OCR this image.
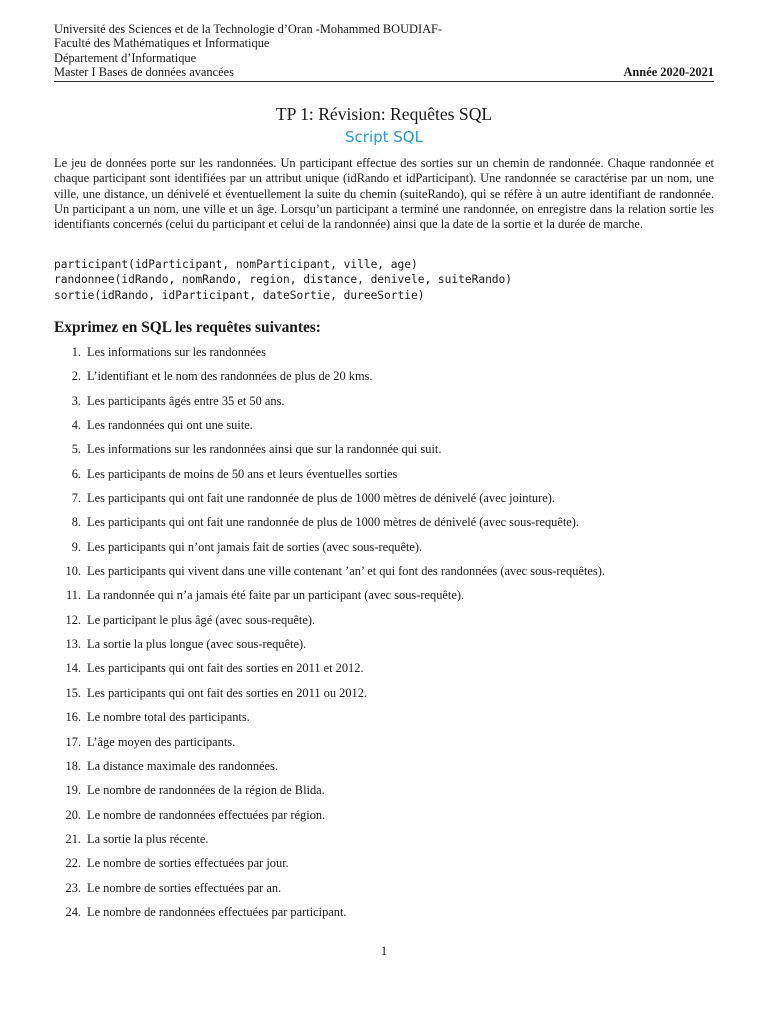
Université des Sciences et de la Technologie d’Oran -Mohammed BOUDIAF-
Faculté des Mathématiques et Informatique
Département d’Informatique
Master I Bases de données avancées	Année 2020-2021
TP 1: Révision: Requêtes SQL
Script SQL

Le jeu de données porte sur les randonnées. Un participant effectue des sorties sur un chemin de randonnée. Chaque randonnée et chaque participant sont identifiées par un attribut unique (idRando et idParticipant). Une randonnée se caractérise par un nom, une ville, une distance, un dénivelé et éventuellement la suite du chemin (suiteRando), qui se réfère à un autre identifiant de randonnée. Un participant a un nom, une ville et un âge. Lorsqu’un participant a terminé une randonnée, on enregistre dans la relation sortie les identifiants concernés (celui du participant et celui de la randonnée) ainsi que la date de la sortie et la durée de marche.

participant(idParticipant, nomParticipant, ville, age)
randonnee(idRando, nomRando, region, distance, denivele, suiteRando)
sortie(idRando, idParticipant, dateSortie, dureeSortie)
Exprimez en SQL les requêtes suivantes:
1. Les informations sur les randonnées
2. L’identifiant et le nom des randonnées de plus de 20 kms.
3. Les participants âgés entre 35 et 50 ans.
4. Les randonnées qui ont une suite.
5. Les informations sur les randonnées ainsi que sur la randonnée qui suit.
6. Les participants de moins de 50 ans et leurs éventuelles sorties
7. Les participants qui ont fait une randonnée de plus de 1000 mètres de dénivelé (avec jointure).
8. Les participants qui ont fait une randonnée de plus de 1000 mètres de dénivelé (avec sous-requête).
9. Les participants qui n’ont jamais fait de sorties (avec sous-requête).
10. Les participants qui vivent dans une ville contenant ’an’ et qui font des randonnées (avec sous-requêtes).
11. La randonnée qui n’a jamais été faite par un participant (avec sous-requête).
12. Le participant le plus âgé (avec sous-requête).
13. La sortie la plus longue (avec sous-requête).
14. Les participants qui ont fait des sorties en 2011 et 2012.
15. Les participants qui ont fait des sorties en 2011 ou 2012.
16. Le nombre total des participants.
17. L’âge moyen des participants.
18. La distance maximale des randonnées.
19. Le nombre de randonnées de la région de Blida.
20. Le nombre de randonnées effectuées par région.
21. La sortie la plus récente.
22. Le nombre de sorties effectuées par jour.
23. Le nombre de sorties effectuées par an.
24. Le nombre de randonnées effectuées par participant.
1
